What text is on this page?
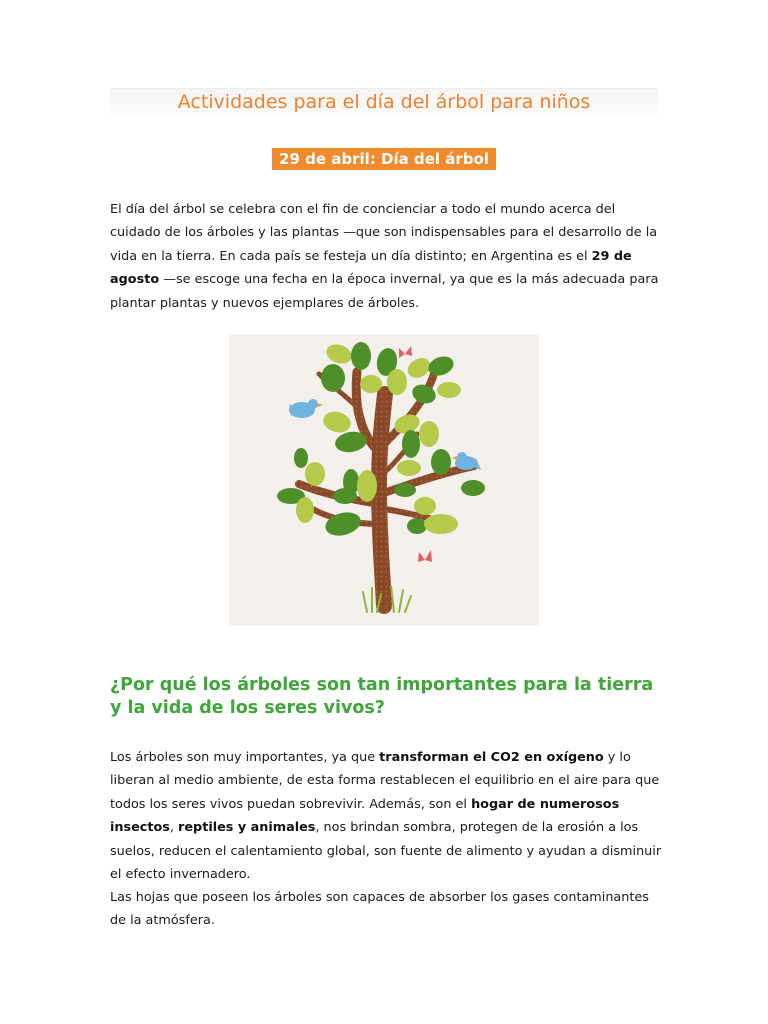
Actividades para el día del árbol para niños
29 de abril: Día del árbol

El día del árbol se celebra con el fin de concienciar a todo el mundo acerca del cuidado de los árboles y las plantas —que son indispensables para el desarrollo de la vida en la tierra. En cada país se festeja un día distinto; en Argentina es el 29 de agosto —se escoge una fecha en la época invernal, ya que es la más adecuada para plantar plantas y nuevos ejemplares de árboles.

¿Por qué los árboles son tan importantes para la tierra y la vida de los seres vivos?

Los árboles son muy importantes, ya que transforman el CO2 en oxígeno y lo liberan al medio ambiente, de esta forma restablecen el equilibrio en el aire para que todos los seres vivos puedan sobrevivir. Además, son el hogar de numerosos insectos, reptiles y animales, nos brindan sombra, protegen de la erosión a los suelos, reducen el calentamiento global, son fuente de alimento y ayudan a disminuir el efecto invernadero.

Las hojas que poseen los árboles son capaces de absorber los gases contaminantes de la atmósfera.
